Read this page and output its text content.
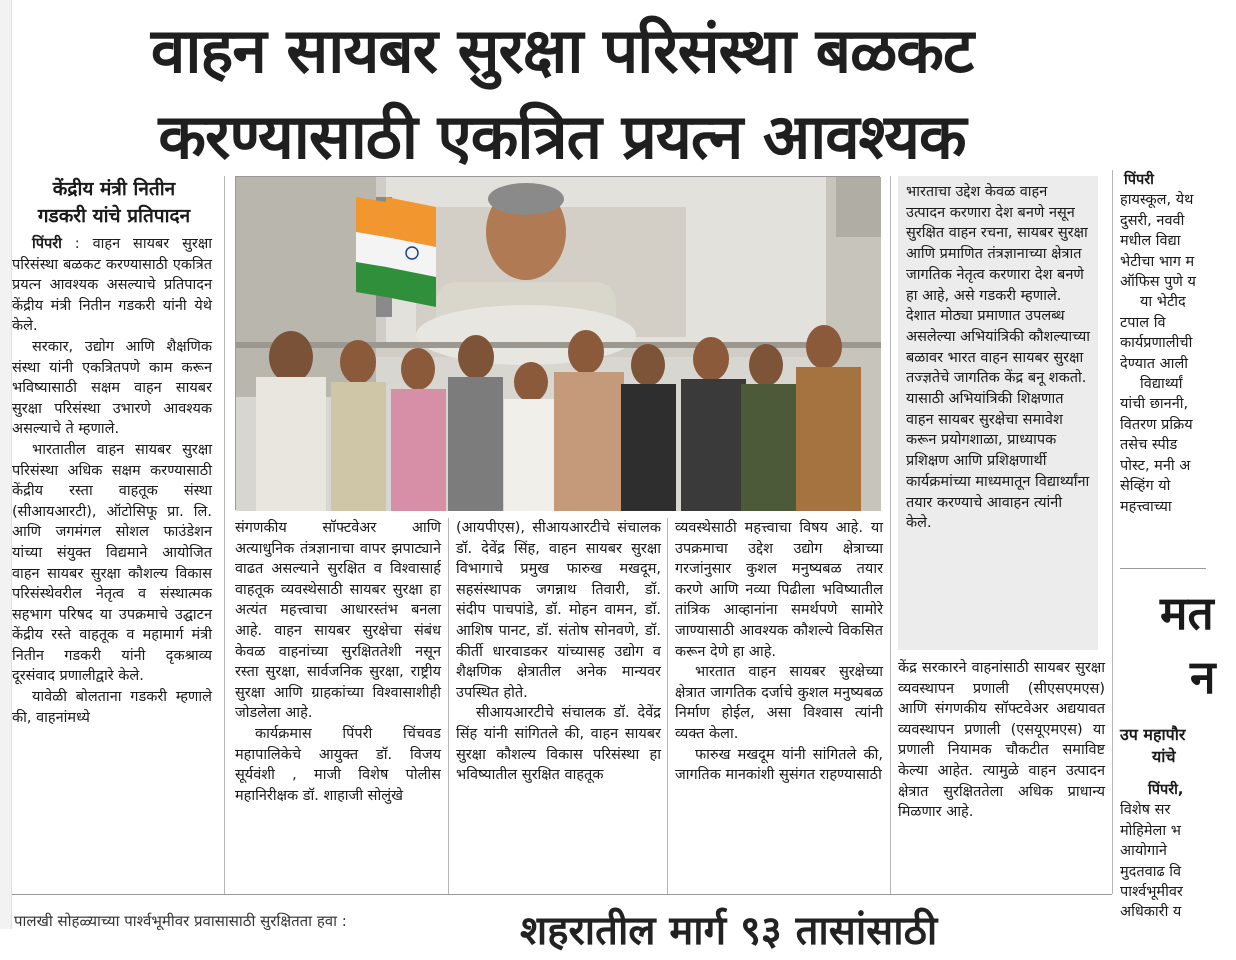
वाहन सायबर सुरक्षा परिसंस्था बळकट
करण्यासाठी एकत्रित प्रयत्न आवश्यक
केंद्रीय मंत्री नितीन
गडकरी यांचे प्रतिपादन

पिंपरी : वाहन सायबर सुरक्षा परिसंस्था बळकट करण्यासाठी एकत्रित प्रयत्न आवश्यक असल्याचे प्रतिपादन केंद्रीय मंत्री नितीन गडकरी यांनी येथे केले.

सरकार, उद्योग आणि शैक्षणिक संस्था यांनी एकत्रितपणे काम करून भविष्यासाठी सक्षम वाहन सायबर सुरक्षा परिसंस्था उभारणे आवश्यक असल्याचे ते म्हणाले.

भारतातील वाहन सायबर सुरक्षा परिसंस्था अधिक सक्षम करण्यासाठी केंद्रीय रस्ता वाहतूक संस्था (सीआयआरटी), ऑटोसिफू प्रा. लि. आणि जगमंगल सोशल फाउंडेशन यांच्या संयुक्त विद्यमाने आयोजित वाहन सायबर सुरक्षा कौशल्य विकास परिसंस्थेवरील नेतृत्व व संस्थात्मक सहभाग परिषद या उपक्रमाचे उद्घाटन केंद्रीय रस्ते वाहतूक व महामार्ग मंत्री नितीन गडकरी यांनी दृकश्राव्य दूरसंवाद प्रणालीद्वारे केले.

यावेळी बोलताना गडकरी म्हणाले की, वाहनांमध्ये

संगणकीय सॉफ्टवेअर आणि अत्याधुनिक तंत्रज्ञानाचा वापर झपाट्याने वाढत असल्याने सुरक्षित व विश्वासार्ह वाहतूक व्यवस्थेसाठी सायबर सुरक्षा हा अत्यंत महत्त्वाचा आधारस्तंभ बनला आहे. वाहन सायबर सुरक्षेचा संबंध केवळ वाहनांच्या सुरक्षिततेशी नसून रस्ता सुरक्षा, सार्वजनिक सुरक्षा, राष्ट्रीय सुरक्षा आणि ग्राहकांच्या विश्वासाशीही जोडलेला आहे.

कार्यक्रमास पिंपरी चिंचवड महापालिकेचे आयुक्त डॉ. विजय सूर्यवंशी , माजी विशेष पोलीस महानिरीक्षक डॉ. शाहाजी सोलुंखे

(आयपीएस), सीआयआरटीचे संचालक डॉ. देवेंद्र सिंह, वाहन सायबर सुरक्षा विभागाचे प्रमुख फारुख मखदूम, सहसंस्थापक जगन्नाथ तिवारी, डॉ. संदीप पाचपांडे, डॉ. मोहन वामन, डॉ. आशिष पानट, डॉ. संतोष सोनवणे, डॉ. कीर्ती धारवाडकर यांच्यासह उद्योग व शैक्षणिक क्षेत्रातील अनेक मान्यवर उपस्थित होते.

सीआयआरटीचे संचालक डॉ. देवेंद्र सिंह यांनी सांगितले की, वाहन सायबर सुरक्षा कौशल्य विकास परिसंस्था हा भविष्यातील सुरक्षित वाहतूक

व्यवस्थेसाठी महत्त्वाचा विषय आहे. या उपक्रमाचा उद्देश उद्योग क्षेत्राच्या गरजांनुसार कुशल मनुष्यबळ तयार करणे आणि नव्या पिढीला भविष्यातील तांत्रिक आव्हानांना समर्थपणे सामोरे जाण्यासाठी आवश्यक कौशल्ये विकसित करून देणे हा आहे.

भारतात वाहन सायबर सुरक्षेच्या क्षेत्रात जागतिक दर्जाचे कुशल मनुष्यबळ निर्माण होईल, असा विश्वास त्यांनी व्यक्त केला.

फारुख मखदूम यांनी सांगितले की, जागतिक मानकांशी सुसंगत राहण्यासाठी

भारताचा उद्देश केवळ वाहन उत्पादन करणारा देश बनणे नसून सुरक्षित वाहन रचना, सायबर सुरक्षा आणि प्रमाणित तंत्रज्ञानाच्या क्षेत्रात जागतिक नेतृत्व करणारा देश बनणे हा आहे, असे गडकरी म्हणाले. देशात मोठ्या प्रमाणात उपलब्ध असलेल्या अभियांत्रिकी कौशल्याच्या बळावर भारत वाहन सायबर सुरक्षा तज्ज्ञतेचे जागतिक केंद्र बनू शकतो. यासाठी अभियांत्रिकी शिक्षणात वाहन सायबर सुरक्षेचा समावेश करून प्रयोगशाळा, प्राध्यापक प्रशिक्षण आणि प्रशिक्षणार्थी कार्यक्रमांच्या माध्यमातून विद्यार्थ्यांना तयार करण्याचे आवाहन त्यांनी केले.

केंद्र सरकारने वाहनांसाठी सायबर सुरक्षा व्यवस्थापन प्रणाली (सीएसएमएस) आणि संगणकीय सॉफ्टवेअर अद्ययावत व्यवस्थापन प्रणाली (एसयूएमएस) या प्रणाली नियामक चौकटीत समाविष्ट केल्या आहेत. त्यामुळे वाहन उत्पादन क्षेत्रात सुरक्षिततेला अधिक प्राधान्य मिळणार आहे.

पिंपरी
हायस्कूल, येथ
दुसरी, नववी
मधील विद्या
भेटीचा भाग म
ऑफिस पुणे य
या भेटीद
टपाल वि
कार्यप्रणालीची
देण्यात आली
विद्यार्थ्यां
यांची छाननी,
वितरण प्रक्रिय
तसेच स्पीड
पोस्ट, मनी अ
सेव्हिंग यो
महत्त्वाच्या
मत
न
उप महापौर
यांचे
पिंपरी,
विशेष सर
मोहिमेला भ
आयोगाने
मुदतवाढ वि
पार्श्वभूमीवर
अधिकारी य
पालखी सोहळ्याच्या पार्श्वभूमीवर प्रवासासाठी सुरक्षितता हवा :	शहरातील मार्ग ९३ तासांसाठी
